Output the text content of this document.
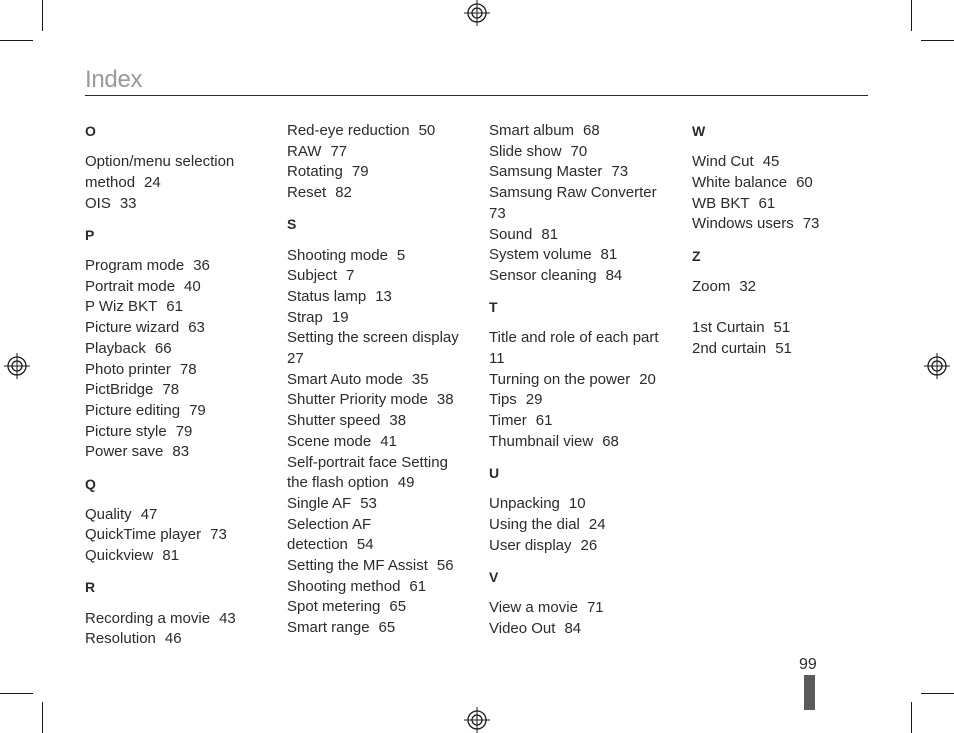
Index
O
Option/menu selection
method 24
OIS 33
P
Program mode 36
Portrait mode 40
P Wiz BKT 61
Picture wizard 63
Playback 66
Photo printer 78
PictBridge 78
Picture editing 79
Picture style 79
Power save 83
Q
Quality 47
QuickTime player 73
Quickview 81
R
Recording a movie 43
Resolution 46
Red-eye reduction 50
RAW 77
Rotating 79
Reset 82
S
Shooting mode 5
Subject 7
Status lamp 13
Strap 19
Setting the screen display
27
Smart Auto mode 35
Shutter Priority mode 38
Shutter speed 38
Scene mode 41
Self-portrait face Setting
the flash option 49
Single AF 53
Selection AF
detection 54
Setting the MF Assist 56
Shooting method 61
Spot metering 65
Smart range 65
Smart album 68
Slide show 70
Samsung Master 73
Samsung Raw Converter
73
Sound 81
System volume 81
Sensor cleaning 84
T
Title and role of each part
11
Turning on the power 20
Tips 29
Timer 61
Thumbnail view 68
U
Unpacking 10
Using the dial 24
User display 26
V
View a movie 71
Video Out 84
W
Wind Cut 45
White balance 60
WB BKT 61
Windows users 73
Z
Zoom 32
1st Curtain 51
2nd curtain 51
99
